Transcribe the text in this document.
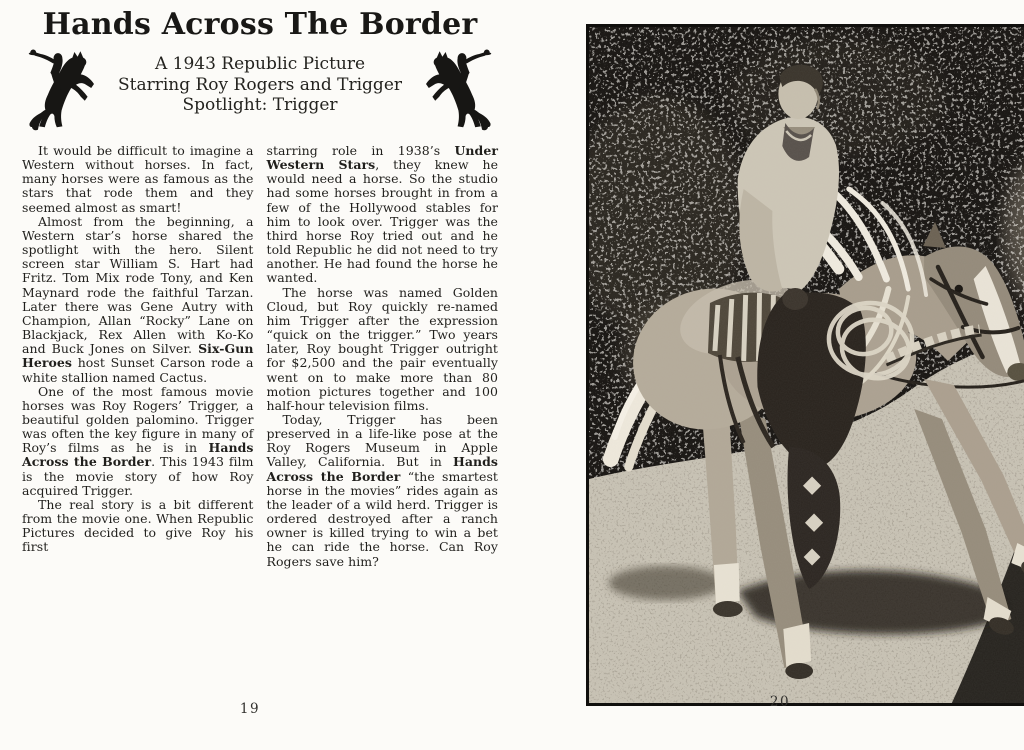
Hands Across The Border
A 1943 Republic Picture
Starring Roy Rogers and Trigger
Spotlight: Trigger

It would be difficult to imagine a Western without horses. In fact, many horses were as famous as the stars that rode them and they seemed almost as smart!

Almost from the beginning, a Western star’s horse shared the spotlight with the hero. Silent screen star William S. Hart had Fritz. Tom Mix rode Tony, and Ken Maynard rode the faithful Tarzan. Later there was Gene Autry with Champion, Allan “Rocky” Lane on Blackjack, Rex Allen with Ko-Ko and Buck Jones on Silver. Six-Gun Heroes host Sunset Carson rode a white stallion named Cactus.

One of the most famous movie horses was Roy Rogers’ Trigger, a beautiful golden palomino. Trigger was often the key figure in many of Roy’s films as he is in Hands Across the Border. This 1943 film is the movie story of how Roy acquired Trigger.

The real story is a bit different from the movie one. When Republic Pictures decided to give Roy his first

starring role in 1938’s Under Western Stars, they knew he would need a horse. So the studio had some horses brought in from a few of the Hollywood stables for him to look over. Trigger was the third horse Roy tried out and he told Republic he did not need to try another. He had found the horse he wanted.

The horse was named Golden Cloud, but Roy quickly re-named him Trigger after the expression “quick on the trigger.” Two years later, Roy bought Trigger outright for $2,500 and the pair eventually went on to make more than 80 motion pictures together and 100 half-hour television films.

Today, Trigger has been preserved in a life-like pose at the Roy Rogers Museum in Apple Valley, California. But in Hands Across the Border “the smartest horse in the movies” rides again as the leader of a wild herd. Trigger is ordered destroyed after a ranch owner is killed trying to win a bet he can ride the horse. Can Roy Rogers save him?

19	20
